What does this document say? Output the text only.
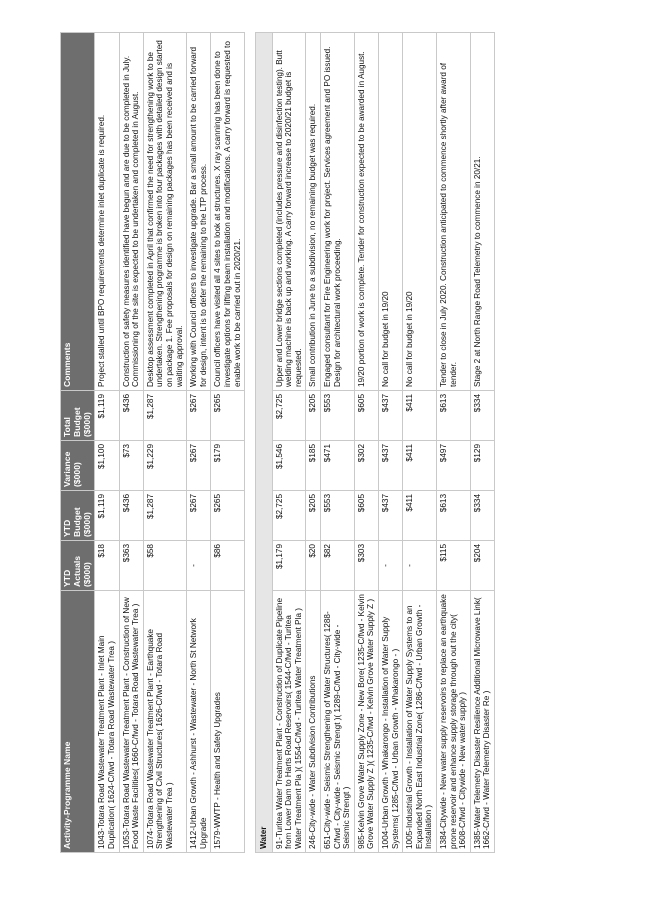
Activity-Programme Name	YTD Actuals ($000)	YTD Budget ($000)	Variance ($000)	Total Budget ($000)	Comments
1043-Totara Road Wastewater Treatment Plant - Inlet Main Duplication( 1624-C/fwd - Totara Road Wastewater Trea )	$18	$1,119	$1,100	$1,119	Project stalled until BPO requirements determine inlet duplicate is required.
1053-Totara Road Wastewater Treatment Plant - Construction of New Food Waste Facilities( 1660-C/fwd - Totara Road Wastewater Trea )	$363	$436	$73	$436	Construction of safety measures identified have begun and are due to be completed in July. Commissioning of the site is expected to be undertaken and completed in August.
1074-Totara Road Wastewater Treatment Plant - Earthquake Strengthening of Civil Structures( 1626-C/fwd - Totara Road Wastewater Trea )	$58	$1,287	$1,229	$1,287	Desktop assessment completed in April that confirmed the need for strengthening work to be undertaken. Strengthening programme is broken into four packages with detailed design started on package 1. Fee proposals for design on remaining packages has been received and is waiting approval.
1412-Urban Growth - Ashhurst - Wastewater - North St Network Upgrade	-	$267	$267	$267	Working with Council officers to investigate upgrade. Bar a small amount to be carried forward for design, intent is to defer the remaining to the LTP process.
1579-WWTP - Health and Safety Upgrades	$86	$265	$179	$265	Council officers have visited all 4 sites to look at structures. X ray scanning has been done to investigate options for lifting beam installation and modifications. A carry forward is requested to enable work to be carried out in 2020/21.

Water					
91-Turitea Water Treatment Plant - Construction of Duplicate Pipeline from Lower Dam to Harts Road Reservoirs( 1544-C/fwd - Turitea Water Treatment Pla )( 1554-C/fwd - Turitea Water Treatment Pla )	$1,179	$2,725	$1,546	$2,725	Upper and Lower bridge sections completed (includes pressure and disinfection testing). Butt welding machine is back up and working. A carry forward increase to 2020/21 budget is requested.
246-City-wide - Water Subdivision Contributions	$20	$205	$185	$205	Small contribution in June to a subdivision, no remaining budget was required.
651-City-wide - Seismic Strengthening of Water Structures( 1288-C/fwd - City-wide - Seismic Strengt )( 1289-C/fwd - City-wide - Seismic Strengt )	$82	$553	$471	$553	Engaged consultant for Fire Engineering work for project. Services agreement and PO issued. Design for architectural work proceeding.
985-Kelvin Grove Water Supply Zone - New Bore( 1235-C/fwd - Kelvin Grove Water Supply Z )( 1235-C/fwd - Kelvin Grove Water Supply Z )	$303	$605	$302	$605	19/20 portion of work is complete. Tender for construction expected to be awarded in August.
1004-Urban Growth - Whakarongo - Installation of Water Supply Systems( 1285-C/fwd - Urban Growth - Whakarongo - )	-	$437	$437	$437	No call for budget in 19/20
1005-Industrial Growth - Installation of Water Supply Systems to an Expanded North East Industrial Zone( 1286-C/fwd - Urban Growth - Installation )	-	$411	$411	$411	No call for budget in 19/20
1384-Citywide - New water supply reservoirs to replace an earthquake prone reservoir and enhance supply storage through out the city( 1608-C/fwd - Citywide - New water supply )	$115	$613	$497	$613	Tender to close in July 2020. Construction anticipated to commence shortly after award of tender.
1385-Water Telemetry Disaster Resilience Additional Microwave Link( 1662-C/fwd - Water Telemetry Disaster Re )	$204	$334	$129	$334	Stage 2 at North Range Road Telemetry to commence in 20/21.
